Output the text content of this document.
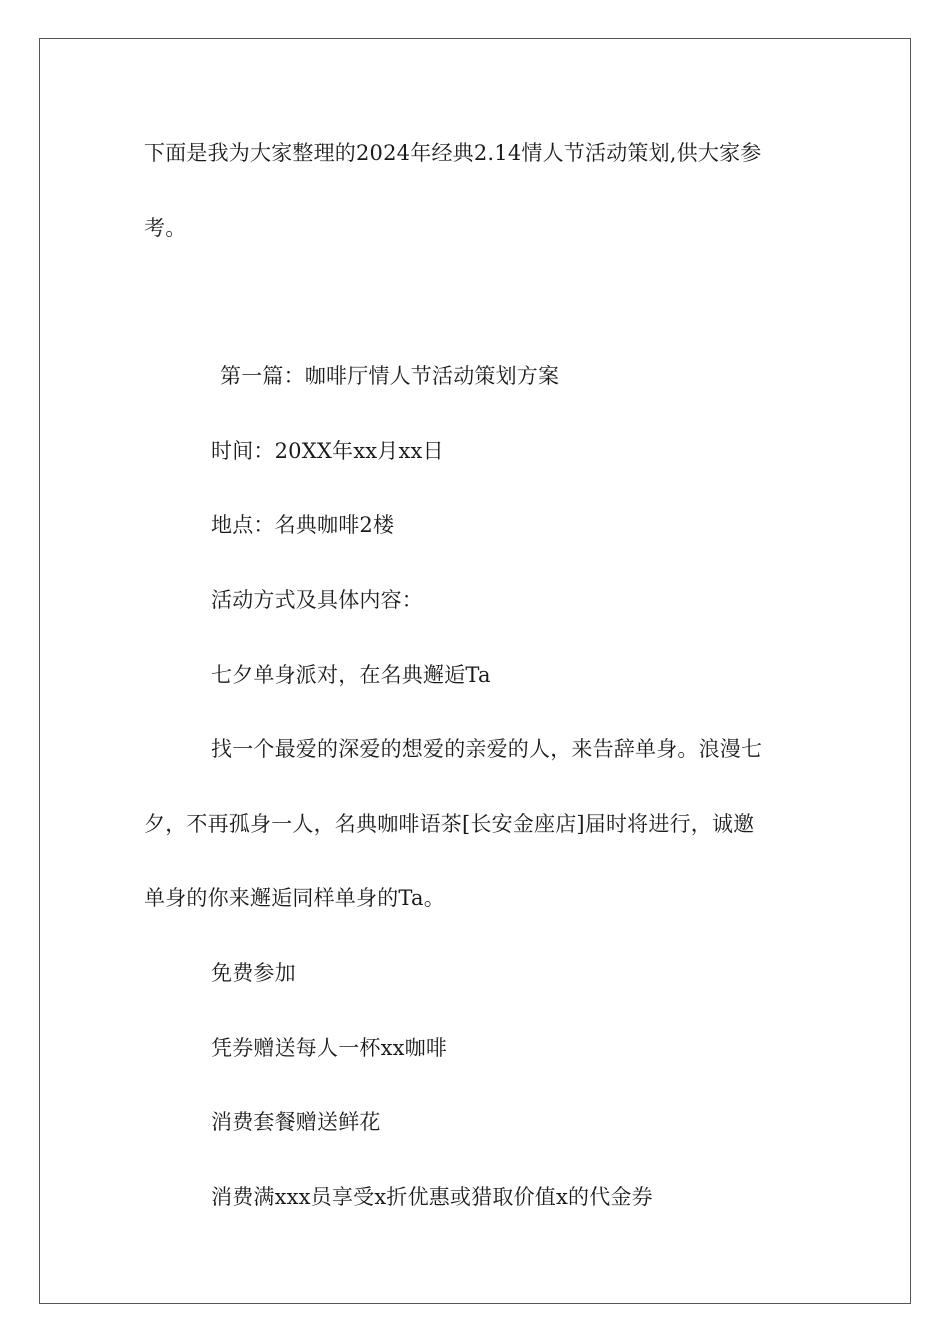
下面是我为大家整理的2024年经典2.14情人节活动策划,供大家参
考。
第一篇：咖啡厅情人节活动策划方案
时间：20XX年xx月xx日
地点：名典咖啡2楼
活动方式及具体内容：
七夕单身派对，在名典邂逅Ta
找一个最爱的深爱的想爱的亲爱的人，来告辞单身。浪漫七
夕，不再孤身一人，名典咖啡语茶[长安金座店]届时将进行，诚邀
单身的你来邂逅同样单身的Ta。
免费参加
凭券赠送每人一杯xx咖啡
消费套餐赠送鲜花
消费满xxx员享受x折优惠或猎取价值x的代金券
